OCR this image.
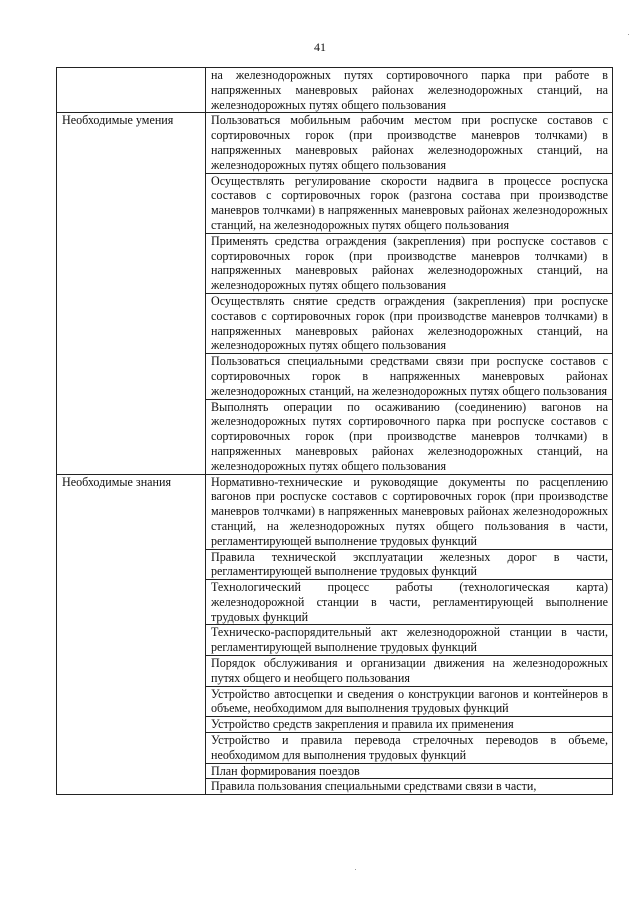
41
	на железнодорожных путях сортировочного парка при работе в напряженных маневровых районах железнодорожных станций, на железнодорожных путях общего пользования
Необходимые умения	Пользоваться мобильным рабочим местом при роспуске составов с сортировочных горок (при производстве маневров толчками) в напряженных маневровых районах железнодорожных станций, на железнодорожных путях общего пользования
	Осуществлять регулирование скорости надвига в процессе роспуска составов с сортировочных горок (разгона состава при производстве маневров толчками) в напряженных маневровых районах железнодорожных станций, на железнодорожных путях общего пользования
	Применять средства ограждения (закрепления) при роспуске составов с сортировочных горок (при производстве маневров толчками) в напряженных маневровых районах железнодорожных станций, на железнодорожных путях общего пользования
	Осуществлять снятие средств ограждения (закрепления) при роспуске составов с сортировочных горок (при производстве маневров толчками) в напряженных маневровых районах железнодорожных станций, на железнодорожных путях общего пользования
	Пользоваться специальными средствами связи при роспуске составов с сортировочных горок в напряженных маневровых районах железнодорожных станций, на железнодорожных путях общего пользования
	Выполнять операции по осаживанию (соединению) вагонов на железнодорожных путях сортировочного парка при роспуске составов с сортировочных горок (при производстве маневров толчками) в напряженных маневровых районах железнодорожных станций, на железнодорожных путях общего пользования
Необходимые знания	Нормативно-технические и руководящие документы по расцеплению вагонов при роспуске составов с сортировочных горок (при производстве маневров толчками) в напряженных маневровых районах железнодорожных станций, на железнодорожных путях общего пользования в части, регламентирующей выполнение трудовых функций
	Правила технической эксплуатации железных дорог в части, регламентирующей выполнение трудовых функций
	Технологический процесс работы (технологическая карта) железнодорожной станции в части, регламентирующей выполнение трудовых функций
	Техническо-распорядительный акт железнодорожной станции в части, регламентирующей выполнение трудовых функций
	Порядок обслуживания и организации движения на железнодорожных путях общего и необщего пользования
	Устройство автосцепки и сведения о конструкции вагонов и контейнеров в объеме, необходимом для выполнения трудовых функций
	Устройство средств закрепления и правила их применения
	Устройство и правила перевода стрелочных переводов в объеме, необходимом для выполнения трудовых функций
	План формирования поездов
	Правила пользования специальными средствами связи в части,
